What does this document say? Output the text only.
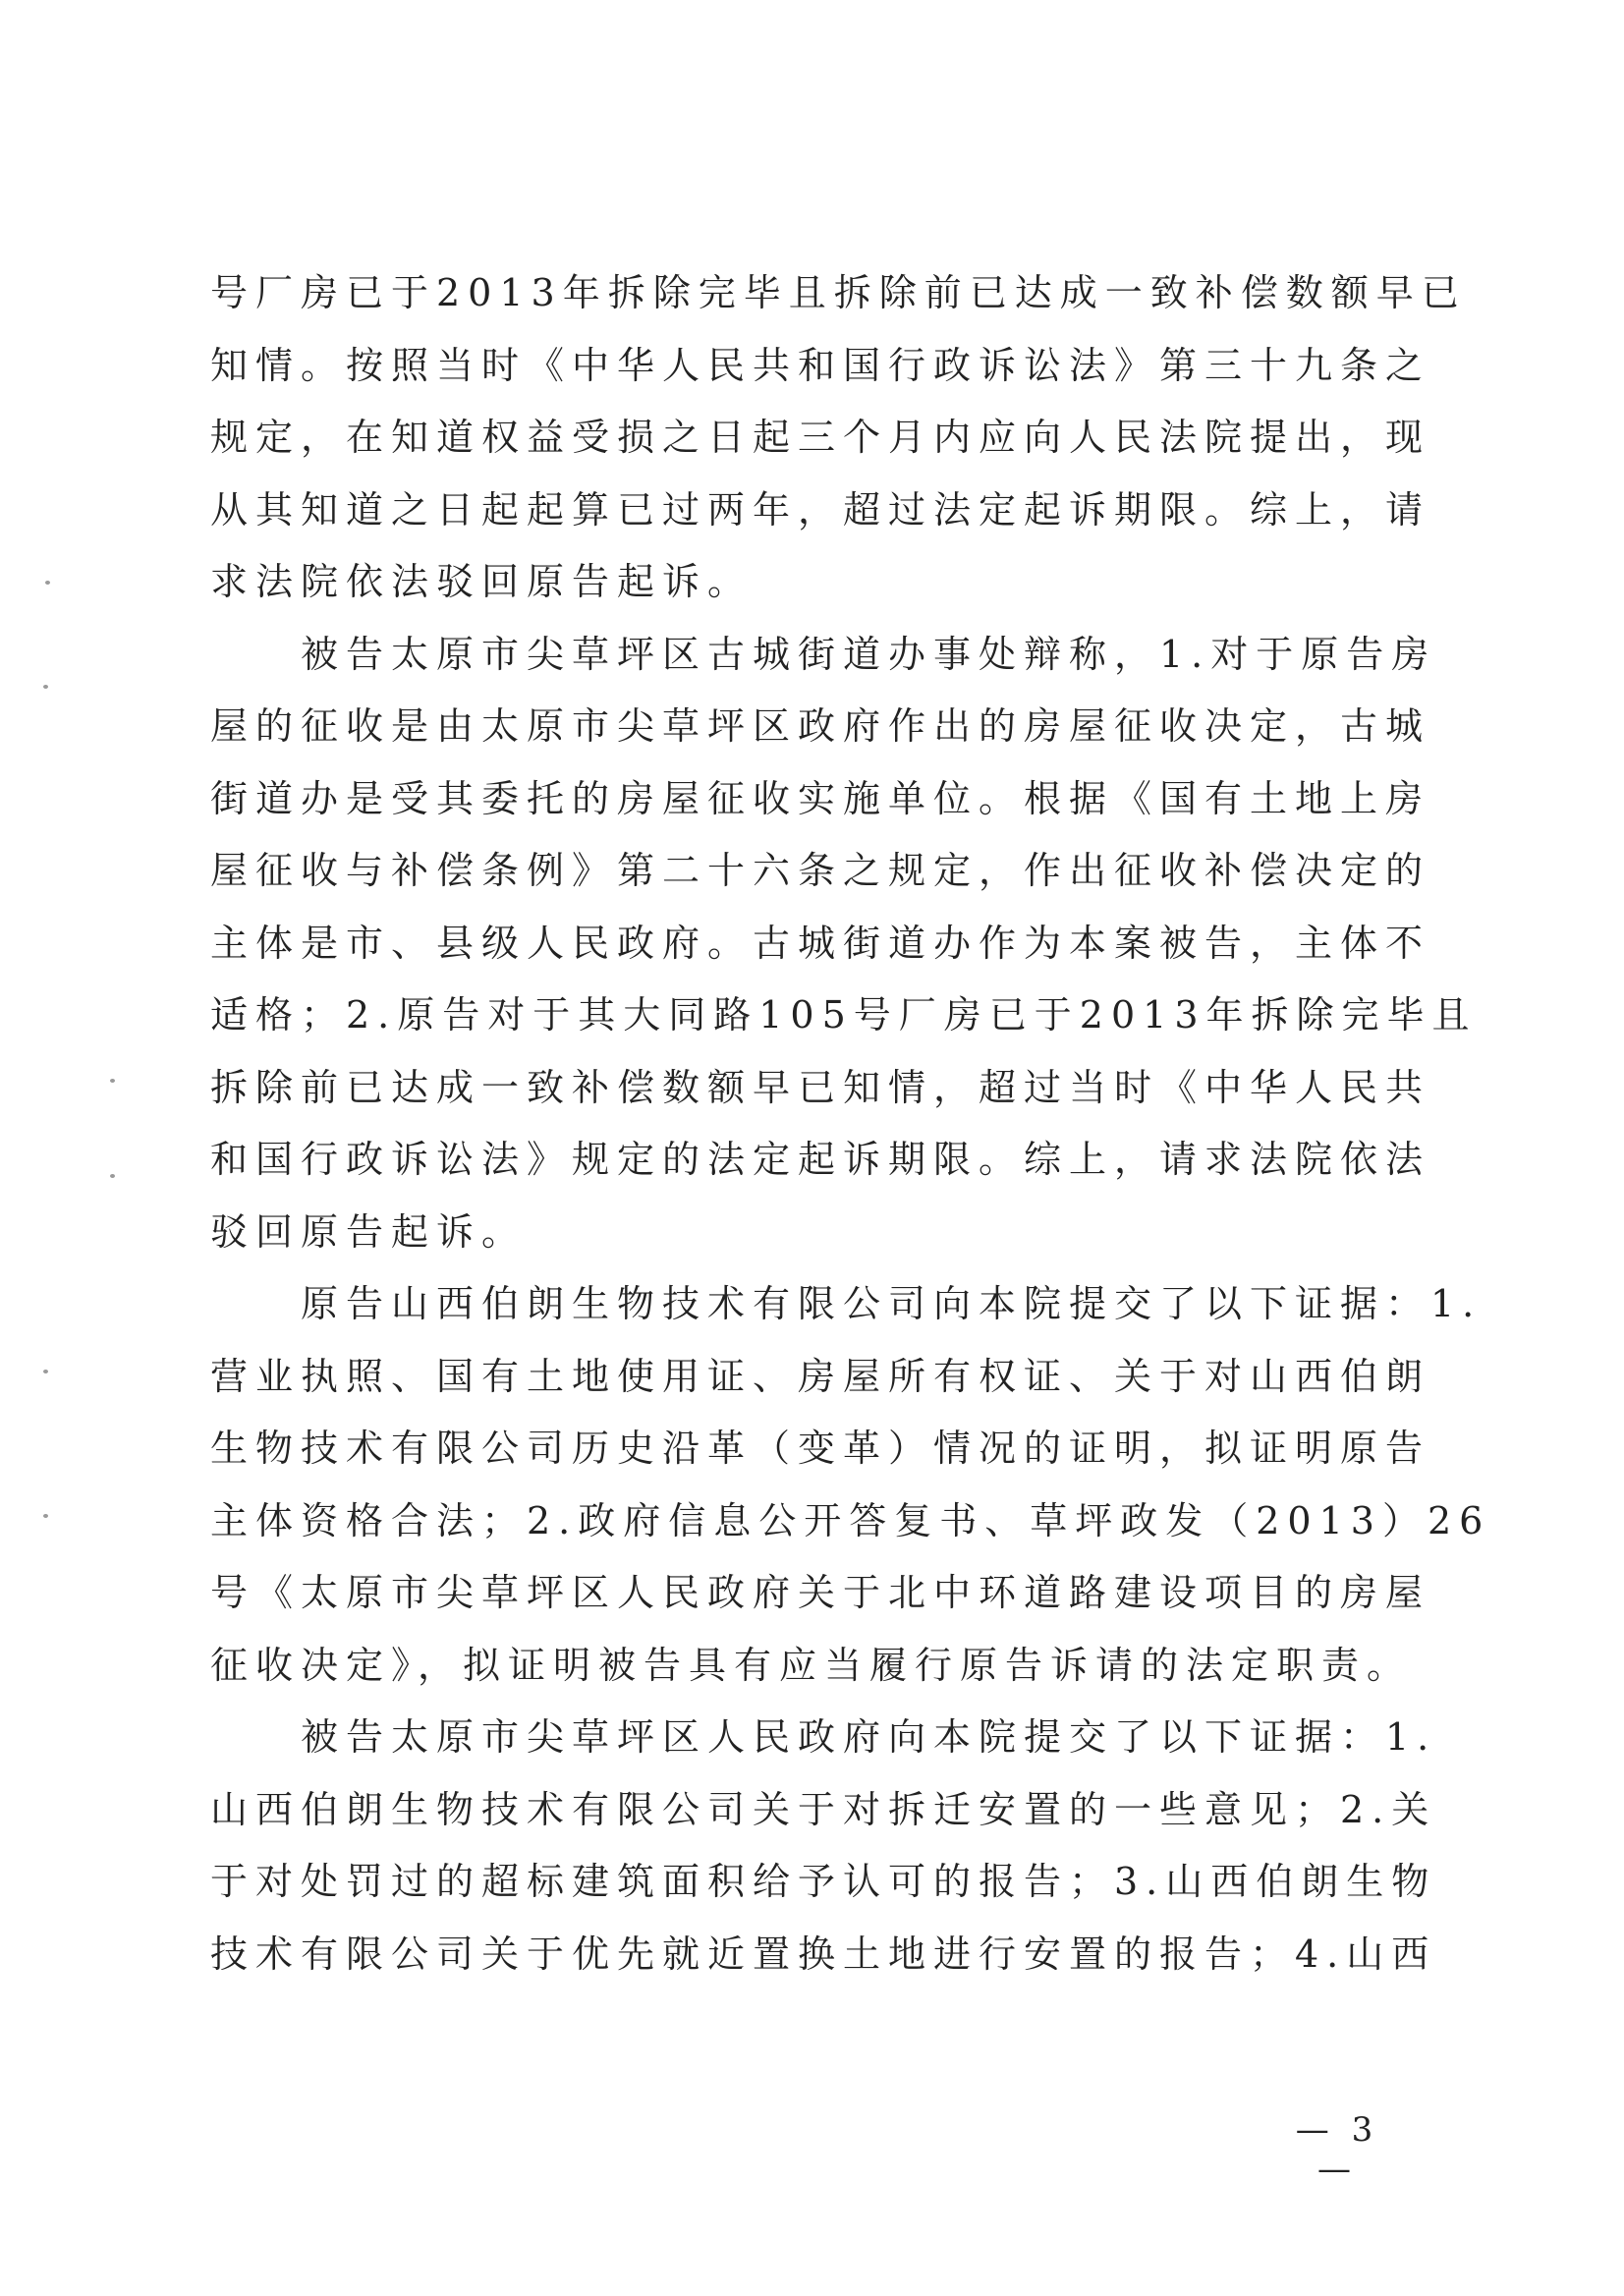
号厂房已于2013年拆除完毕且拆除前已达成一致补偿数额早已
知情。按照当时《中华人民共和国行政诉讼法》第三十九条之
规定，在知道权益受损之日起三个月内应向人民法院提出，现
从其知道之日起起算已过两年，超过法定起诉期限。综上，请
求法院依法驳回原告起诉。
　　被告太原市尖草坪区古城街道办事处辩称，1.对于原告房
屋的征收是由太原市尖草坪区政府作出的房屋征收决定，古城
街道办是受其委托的房屋征收实施单位。根据《国有土地上房
屋征收与补偿条例》第二十六条之规定，作出征收补偿决定的
主体是市、县级人民政府。古城街道办作为本案被告，主体不
适格；2.原告对于其大同路105号厂房已于2013年拆除完毕且
拆除前已达成一致补偿数额早已知情，超过当时《中华人民共
和国行政诉讼法》规定的法定起诉期限。综上，请求法院依法
驳回原告起诉。
　　原告山西伯朗生物技术有限公司向本院提交了以下证据：1.
营业执照、国有土地使用证、房屋所有权证、关于对山西伯朗
生物技术有限公司历史沿革（变革）情况的证明，拟证明原告
主体资格合法；2.政府信息公开答复书、草坪政发（2013）26
号《太原市尖草坪区人民政府关于北中环道路建设项目的房屋
征收决定》，拟证明被告具有应当履行原告诉请的法定职责。
　　被告太原市尖草坪区人民政府向本院提交了以下证据：1.
山西伯朗生物技术有限公司关于对拆迁安置的一些意见；2.关
于对处罚过的超标建筑面积给予认可的报告；3.山西伯朗生物
技术有限公司关于优先就近置换土地进行安置的报告；4.山西
— 3 —
